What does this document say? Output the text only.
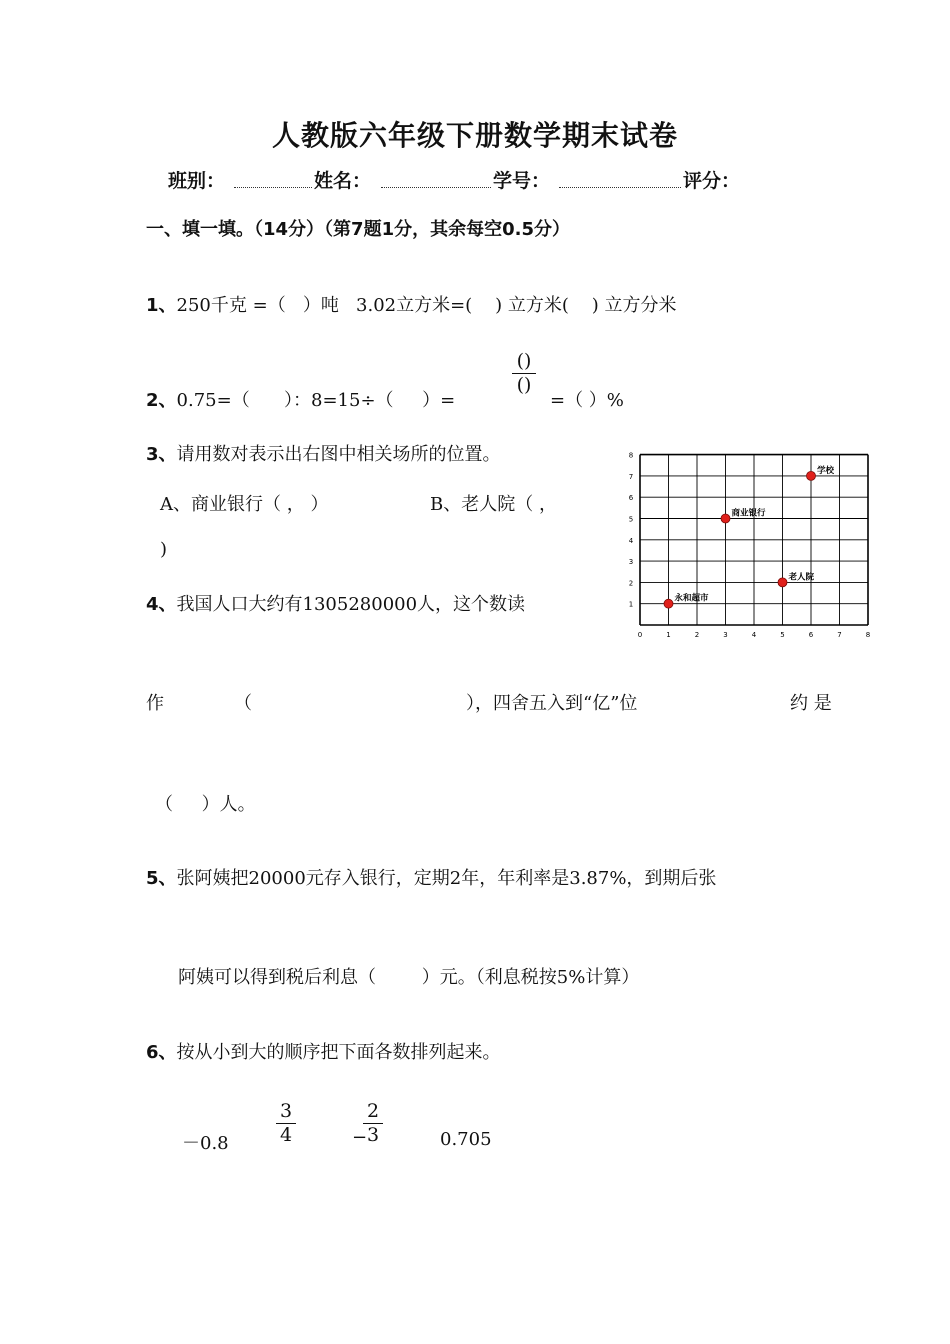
人教版六年级下册数学期末试卷
班别：	姓名：	学号：	评分：
一、填一填。（14分）（第7题1分，其余每空0.5分）
1、250千克 =（   ）吨   3.02立方米=(    ) 立方米(    ) 立方分米
2、0.75=（      ）：8=15÷（     ）=
()
()
=（ ）%
3、请用数对表示出右图中相关场所的位置。
A、商业银行（ ， ）	B、老人院（ ，
)
0	1	2	3	4	5	6	7	8
1
2
3
4
5
6
7
8
永和超市
老人院
商业银行
学校
4、我国人口大约有1305280000人，这个数读
作	（	），四舍五入到“亿”位	约 是
（     ）人。
5、张阿姨把20000元存入银行，定期2年，年利率是3.87%，到期后张
阿姨可以得到税后利息（        ）元。（利息税按5%计算）
6、按从小到大的顺序把下面各数排列起来。
－0.8
3
4	−
2
3	0.705
